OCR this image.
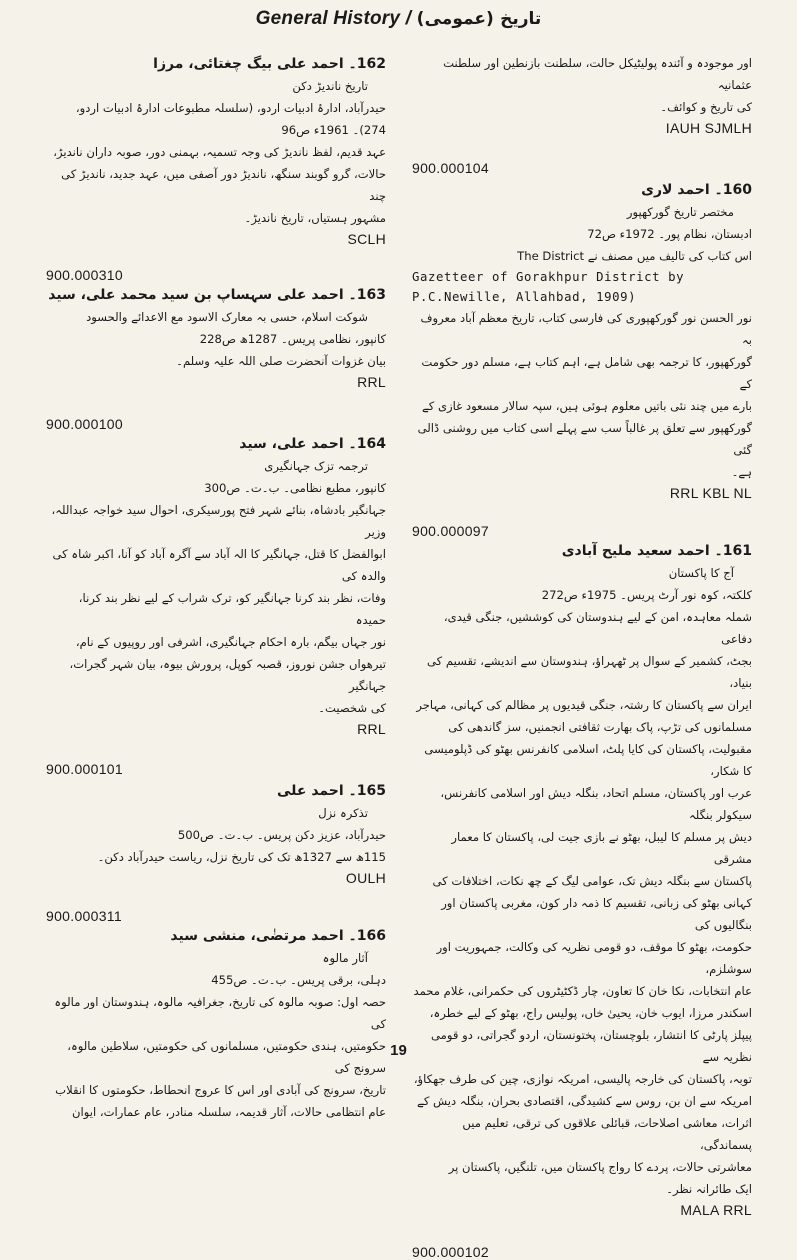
General History / (عمومی) تاریخ

162۔ احمد علی بیگ چغتائی، مرزا

تاریخ ناندیڑ دکن

حیدرآباد، ادارۂ ادبیات اردو، (سلسلہ مطبوعات ادارۂ ادبیات اردو،

274)۔ 1961ء ص96

عہد قدیم، لفظ ناندیڑ کی وجہ تسمیہ، بہمنی دور، صوبہ داران ناندیڑ،

حالات، گرو گوبند سنگھ، ناندیڑ دور آصفی میں، عہد جدید، ناندیڑ کی چند

مشہور ہستیاں، تاریخ ناندیڑ۔

SCLH

900.000310

163۔ احمد علی سہساپ بن سید محمد علی، سید

شوکت اسلام، حسی بہ معارک الاسود مع الاعدائے والحسود

کانپور، نظامی پریس۔ 1287ھ ص228

بیان غزوات آنحضرت صلی اللہ علیہ وسلم۔

RRL

900.000100

164۔ احمد علی، سید

ترجمہ تزک جہانگیری

کانپور، مطبع نظامی۔ ب۔ت۔ ص300

جہانگیر بادشاہ، بنائے شہر فتح پورسیکری، احوال سید خواجہ عبداللہ، وزیر

ابوالفضل کا قتل، جہانگیر کا الہ آباد سے آگرہ آباد کو آنا، اکبر شاہ کی والدہ کی

وفات، نظر بند کرنا جہانگیر کو، ترک شراب کے لیے نظر بند کرنا، حمیدہ

نور جہاں بیگم، بارہ احکام جہانگیری، اشرفی اور روپیوں کے نام،

تیرھواں جشن نوروز، قصبہ کوپل، پرورش بیوہ، بیان شہر گجرات، جہانگیر

کی شخصیت۔

RRL

900.000101

165۔ احمد علی

تذکرہ نزل

حیدرآباد، عزیز دکن پریس۔ ب۔ت۔ ص500

115ھ سے 1327ھ تک کی تاریخ نزل، ریاست حیدرآباد دکن۔

OULH

900.000311

166۔ احمد مرتضٰی، منشی سید

آثار مالوہ

دہلی، برقی پریس۔ ب۔ت۔ ص455

حصہ اول: صوبہ مالوہ کی تاریخ، جغرافیہ مالوہ، ہندوستان اور مالوہ کی

حکومتیں، ہندی حکومتیں، مسلمانوں کی حکومتیں، سلاطین مالوہ، سرونج کی

تاریخ، سرونج کی آبادی اور اس کا عروج انحطاط، حکومتوں کا انقلاب

عام انتظامی حالات، آثار قدیمہ، سلسلہ منادر، عام عمارات، ایوان

اور موجودہ و آئندہ پولیٹیکل حالت، سلطنت بازنطین اور سلطنت عثمانیہ

کی تاریخ و کوائف۔

IAUH SJMLH

900.000104

160۔ احمد لاری

مختصر تاریخ گورکھپور

ادبستان، نظام پور۔ 1972ء ص72

اس کتاب کی تالیف میں مصنف نے The District

Gazetteer of Gorakhpur District by

P.C.Newille, Allahbad, 1909)

نور الحسن نور گورکھپوری کی فارسی کتاب، تاریخ معظم آباد معروف بہ

گورکھپور، کا ترجمہ بھی شامل ہے، اہم کتاب ہے، مسلم دور حکومت کے

بارے میں چند نئی باتیں معلوم ہوئی ہیں، سپہ سالار مسعود غازی کے

گورکھپور سے تعلق پر غالباً سب سے پہلے اسی کتاب میں روشنی ڈالی گئی

ہے۔

RRL KBL NL

900.000097

161۔ احمد سعید ملیح آبادی

آج کا پاکستان

کلکتہ، کوہ نور آرٹ پریس۔ 1975ء ص272

شملہ معاہدہ، امن کے لیے ہندوستان کی کوششیں، جنگی قیدی، دفاعی

بجٹ، کشمیر کے سوال پر ٹھہراؤ، ہندوستان سے اندیشے، تقسیم کی بنیاد،

ایران سے پاکستان کا رشتہ، جنگی قیدیوں پر مظالم کی کہانی، مہاجر

مسلمانوں کی تڑپ، پاک بھارت ثقافتی انجمنیں، سز گاندھی کی

مقبولیت، پاکستان کی کایا پلٹ، اسلامی کانفرنس بھٹو کی ڈپلومیسی کا شکار،

عرب اور پاکستان، مسلم اتحاد، بنگلہ دیش اور اسلامی کانفرنس، سیکولر بنگلہ

دیش پر مسلم کا لیبل، بھٹو نے بازی جیت لی، پاکستان کا معمار مشرقی

پاکستان سے بنگلہ دیش تک، عوامی لیگ کے چھ نکات، اختلافات کی

کہانی بھٹو کی زبانی، تقسیم کا ذمہ دار کون، مغربی پاکستان اور بنگالیوں کی

حکومت، بھٹو کا موقف، دو قومی نظریہ کی وکالت، جمہوریت اور سوشلزم،

عام انتخابات، نکا خان کا تعاون، چار ڈکٹیٹروں کی حکمرانی، غلام محمد

اسکندر مرزا، ایوب خان، یحییٰ خاں، پولیس راج، بھٹو کے لیے خطرہ،

پیپلز پارٹی کا انتشار، بلوچستان، پختونستان، اردو گجراتی، دو قومی نظریہ سے

توبہ، پاکستان کی خارجہ پالیسی، امریکہ نوازی، چین کی طرف جھکاؤ،

امریکہ سے ان بن، روس سے کشیدگی، اقتصادی بحران، بنگلہ دیش کے

اثرات، معاشی اصلاحات، قبائلی علاقوں کی ترقی، تعلیم میں پسماندگی،

معاشرتی حالات، پردے کا رواج پاکستان میں، تلنگیں، پاکستان پر

ایک طائرانہ نظر۔

MALA RRL

900.000102

19
